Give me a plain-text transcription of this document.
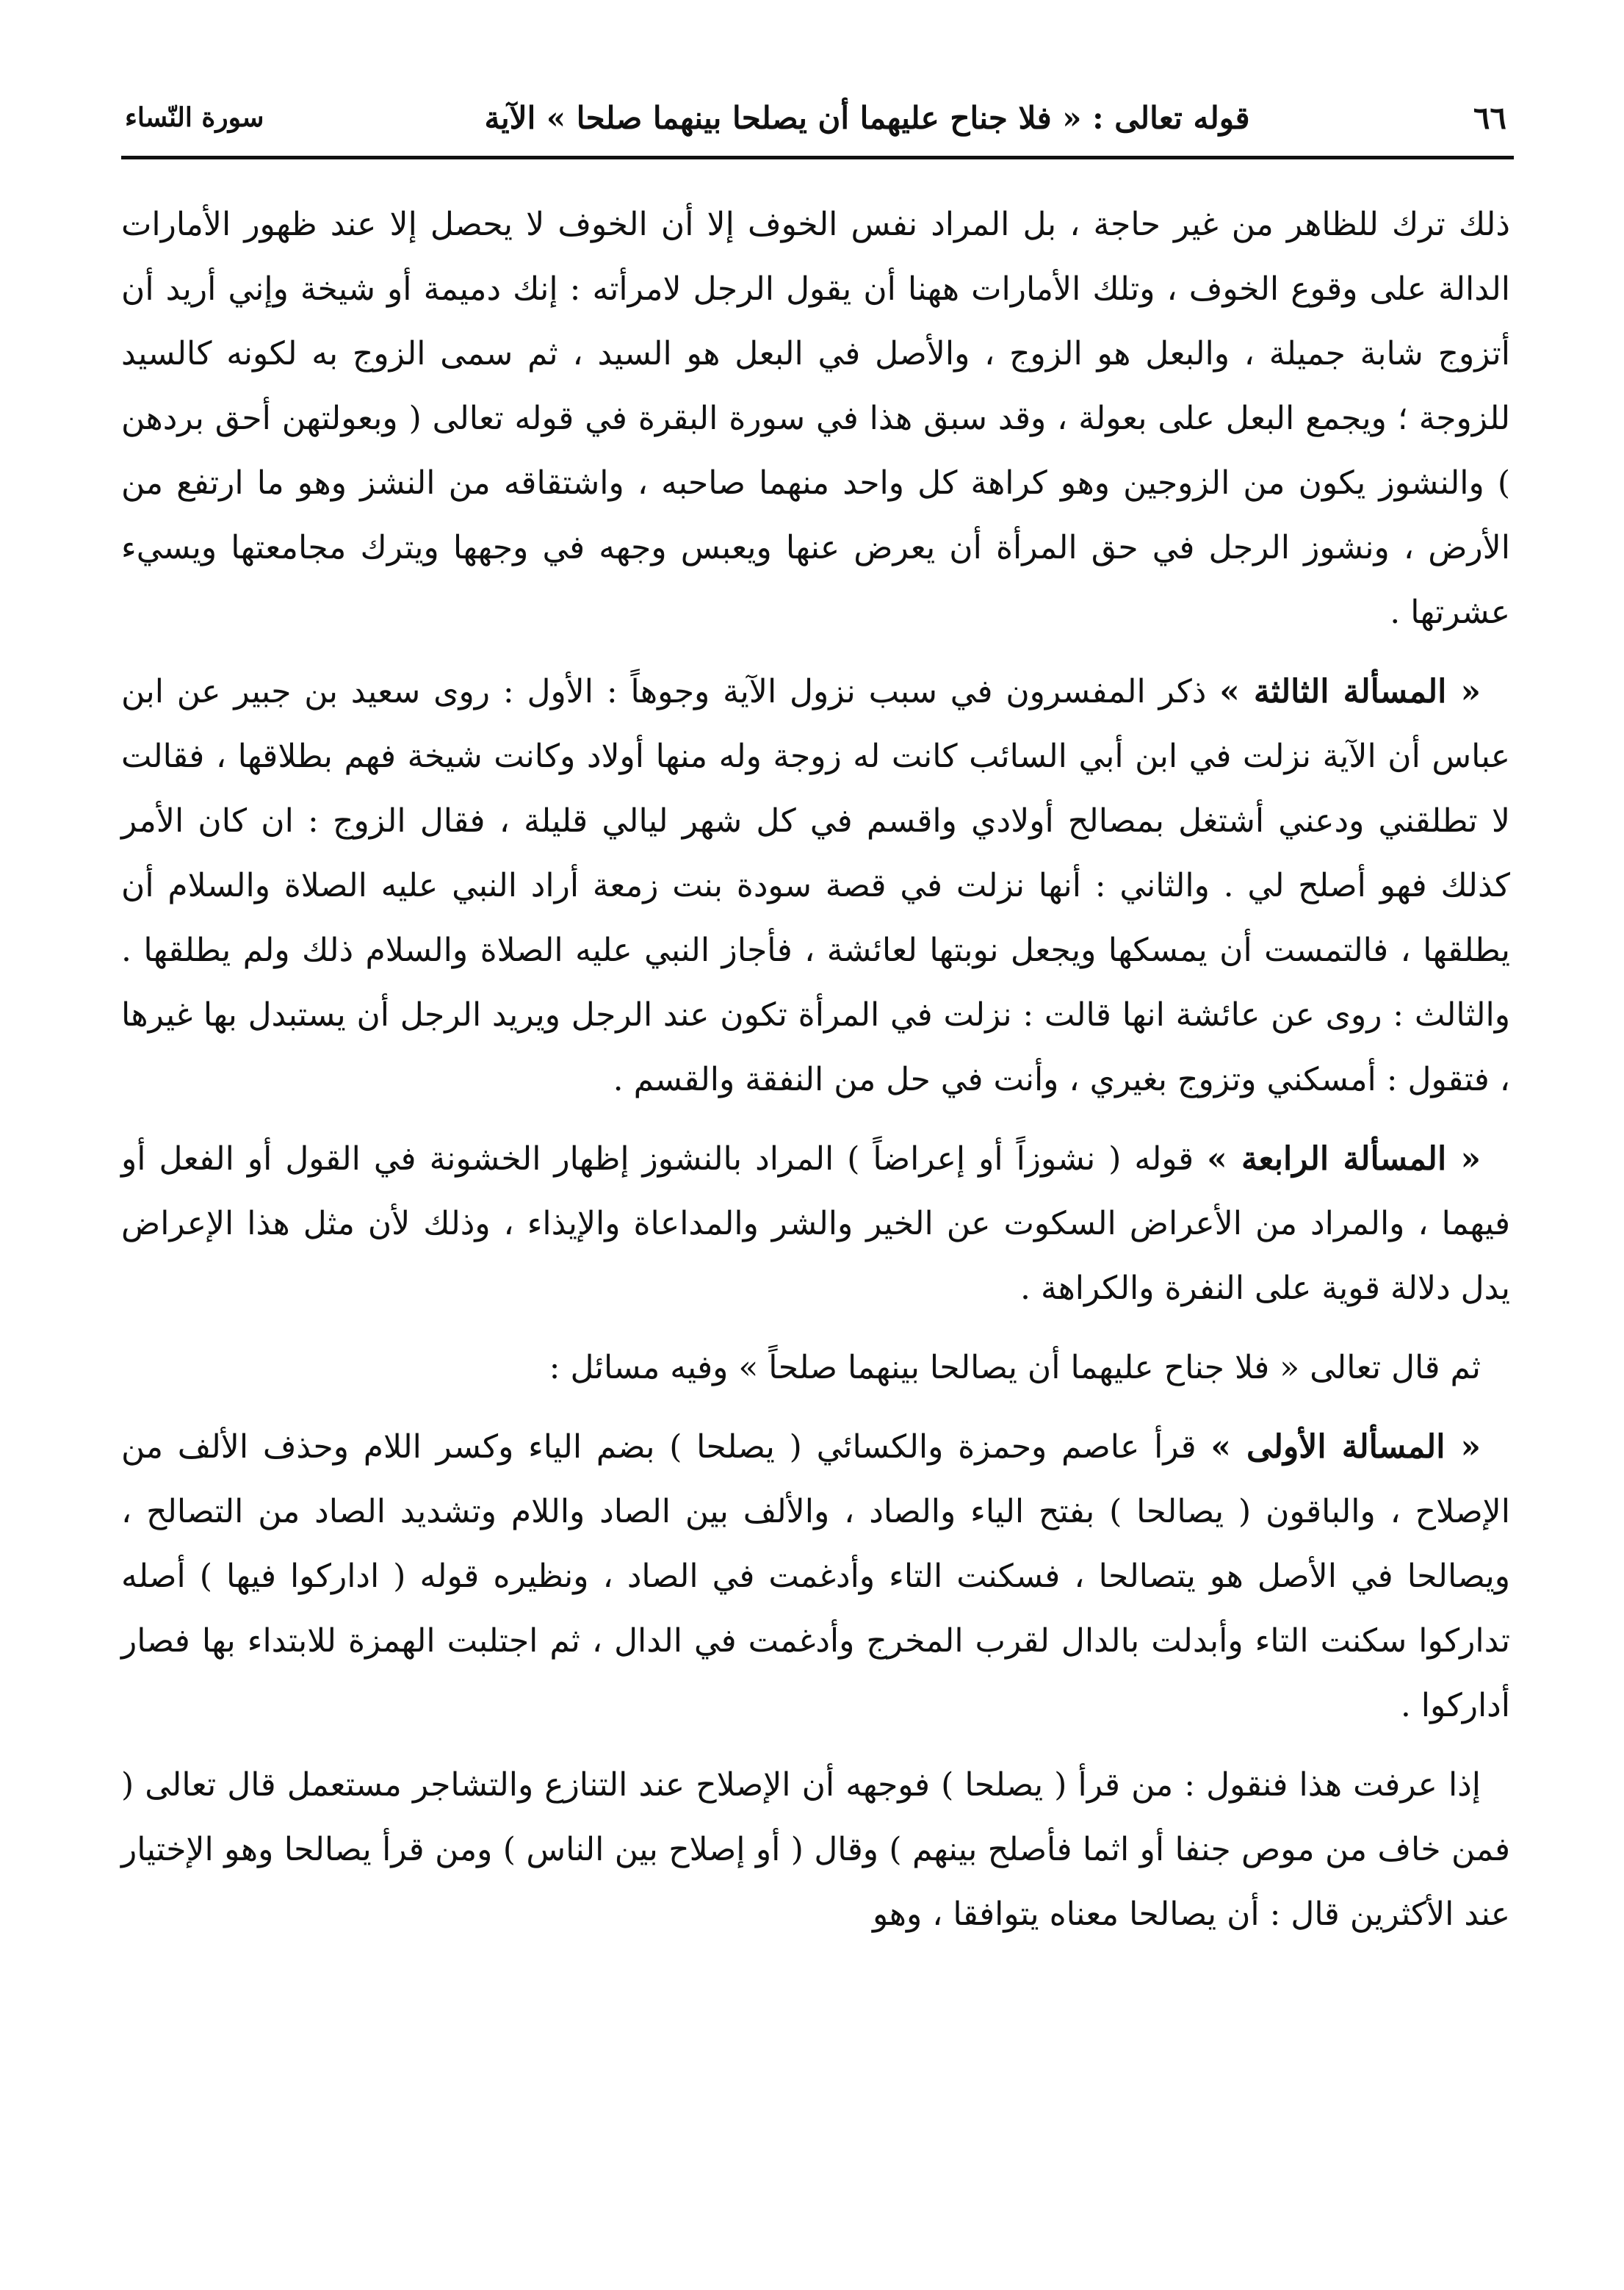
٦٦
قوله تعالى : « فلا جناح عليهما أن يصلحا بينهما صلحا » الآية
سورة النّساء

ذلك ترك للظاهر من غير حاجة ، بل المراد نفس الخوف إلا أن الخوف لا يحصل إلا عند ظهور الأمارات الدالة على وقوع الخوف ، وتلك الأمارات ههنا أن يقول الرجل لامرأته : إنك دميمة أو شيخة وإني أريد أن أتزوج شابة جميلة ، والبعل هو الزوج ، والأصل في البعل هو السيد ، ثم سمى الزوج به لكونه كالسيد للزوجة ؛ ويجمع البعل على بعولة ، وقد سبق هذا في سورة البقرة في قوله تعالى ( وبعولتهن أحق بردهن ) والنشوز يكون من الزوجين وهو كراهة كل واحد منهما صاحبه ، واشتقاقه من النشز وهو ما ارتفع من الأرض ، ونشوز الرجل في حق المرأة أن يعرض عنها ويعبس وجهه في وجهها ويترك مجامعتها ويسيء عشرتها .

« المسألة الثالثة » ذكر المفسرون في سبب نزول الآية وجوهاً : الأول : روى سعيد بن جبير عن ابن عباس أن الآية نزلت في ابن أبي السائب كانت له زوجة وله منها أولاد وكانت شيخة فهم بطلاقها ، فقالت لا تطلقني ودعني أشتغل بمصالح أولادي واقسم في كل شهر ليالي قليلة ، فقال الزوج : ان كان الأمر كذلك فهو أصلح لي . والثاني : أنها نزلت في قصة سودة بنت زمعة أراد النبي عليه الصلاة والسلام أن يطلقها ، فالتمست أن يمسكها ويجعل نوبتها لعائشة ، فأجاز النبي عليه الصلاة والسلام ذلك ولم يطلقها . والثالث : روى عن عائشة انها قالت : نزلت في المرأة تكون عند الرجل ويريد الرجل أن يستبدل بها غيرها ، فتقول : أمسكني وتزوج بغيري ، وأنت في حل من النفقة والقسم .

« المسألة الرابعة » قوله ( نشوزاً أو إعراضاً ) المراد بالنشوز إظهار الخشونة في القول أو الفعل أو فيهما ، والمراد من الأعراض السكوت عن الخير والشر والمداعاة والإيذاء ، وذلك لأن مثل هذا الإعراض يدل دلالة قوية على النفرة والكراهة .

ثم قال تعالى « فلا جناح عليهما أن يصالحا بينهما صلحاً » وفيه مسائل :

« المسألة الأولى » قرأ عاصم وحمزة والكسائي ( يصلحا ) بضم الياء وكسر اللام وحذف الألف من الإصلاح ، والباقون ( يصالحا ) بفتح الياء والصاد ، والألف بين الصاد واللام وتشديد الصاد من التصالح ، ويصالحا في الأصل هو يتصالحا ، فسكنت التاء وأدغمت في الصاد ، ونظيره قوله ( اداركوا فيها ) أصله تداركوا سكنت التاء وأبدلت بالدال لقرب المخرج وأدغمت في الدال ، ثم اجتلبت الهمزة للابتداء بها فصار أداركوا .

إذا عرفت هذا فنقول : من قرأ ( يصلحا ) فوجهه أن الإصلاح عند التنازع والتشاجر مستعمل قال تعالى ( فمن خاف من موص جنفا أو اثما فأصلح بينهم ) وقال ( أو إصلاح بين الناس ) ومن قرأ يصالحا وهو الإختيار عند الأكثرين قال : أن يصالحا معناه يتوافقا ، وهو
